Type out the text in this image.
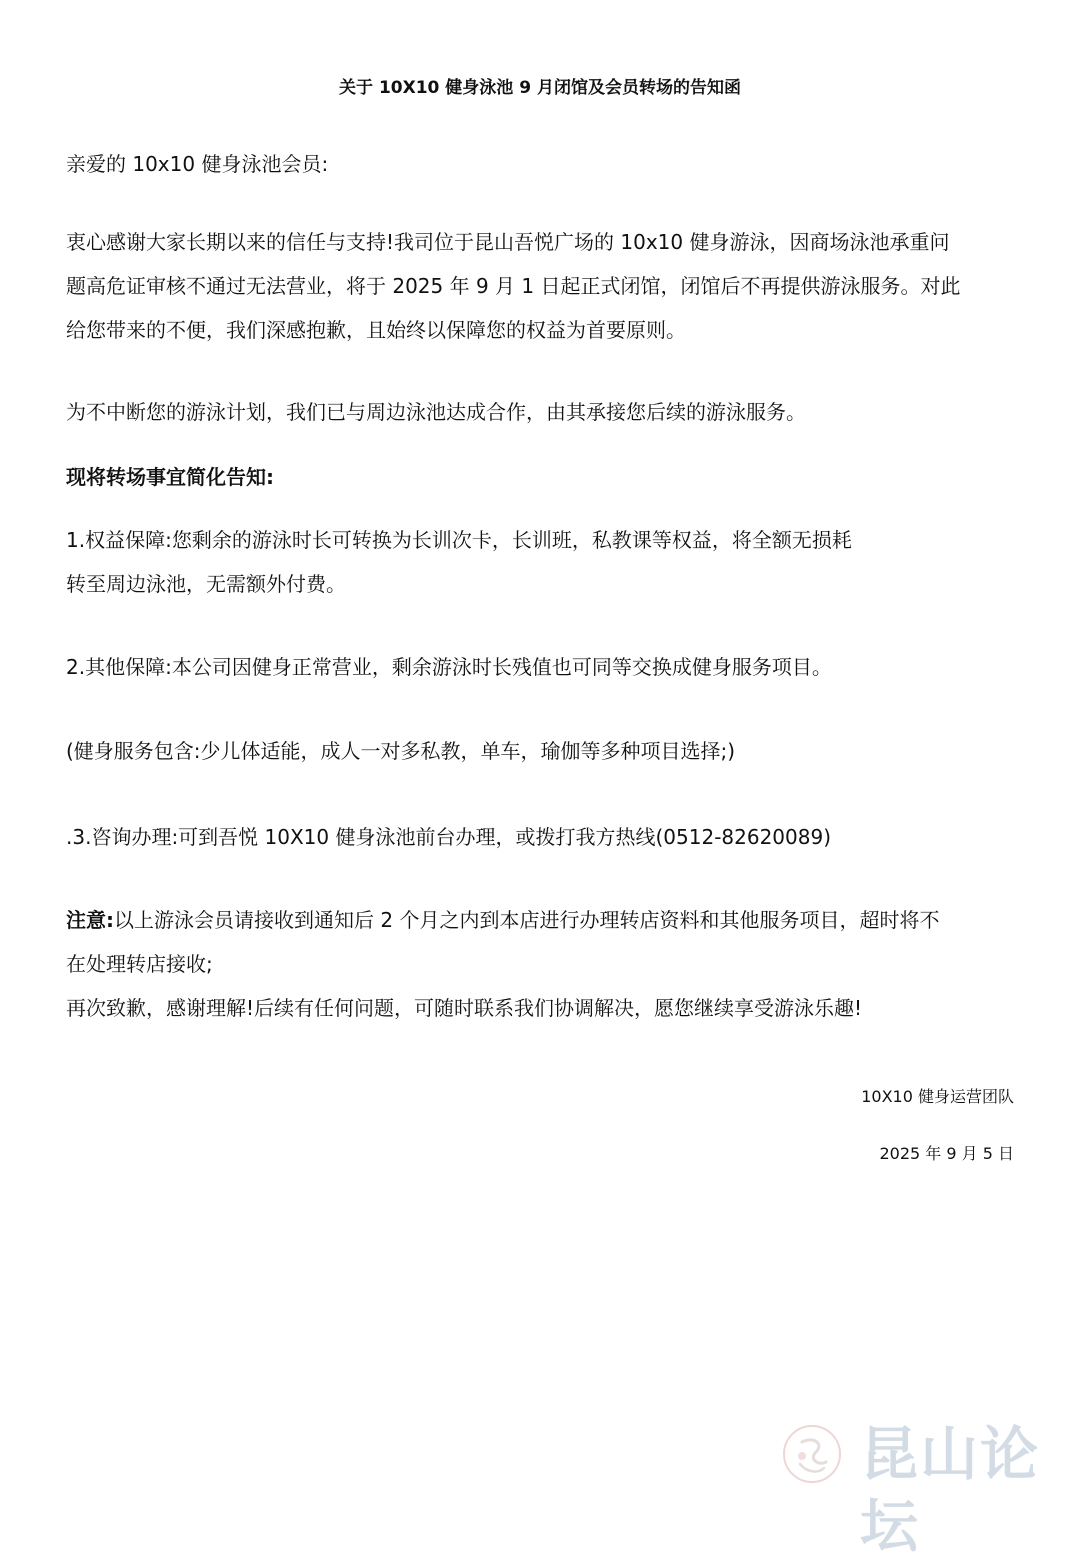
关于 10X10 健身泳池 9 月闭馆及会员转场的告知函

亲爱的 10x10 健身泳池会员:

衷心感谢大家长期以来的信任与支持!我司位于昆山吾悦广场的 10x10 健身游泳，因商场泳池承重问
题高危证审核不通过无法营业，将于 2025 年 9 月 1 日起正式闭馆，闭馆后不再提供游泳服务。对此
给您带来的不便，我们深感抱歉，且始终以保障您的权益为首要原则。

为不中断您的游泳计划，我们已与周边泳池达成合作，由其承接您后续的游泳服务。

现将转场事宜简化告知:

1.权益保障:您剩余的游泳时长可转换为长训次卡，长训班，私教课等权益，将全额无损耗
转至周边泳池，无需额外付费。

2.其他保障:本公司因健身正常营业，剩余游泳时长残值也可同等交换成健身服务项目。

(健身服务包含:少儿体适能，成人一对多私教，单车，瑜伽等多种项目选择;)

.3.咨询办理:可到吾悦 10X10 健身泳池前台办理，或拨打我方热线(0512-82620089)

注意:以上游泳会员请接收到通知后 2 个月之内到本店进行办理转店资料和其他服务项目，超时将不
在处理转店接收;
再次致歉，感谢理解!后续有任何问题，可随时联系我们协调解决，愿您继续享受游泳乐趣!
10X10 健身运营团队
2025 年 9 月 5 日
昆山论坛
